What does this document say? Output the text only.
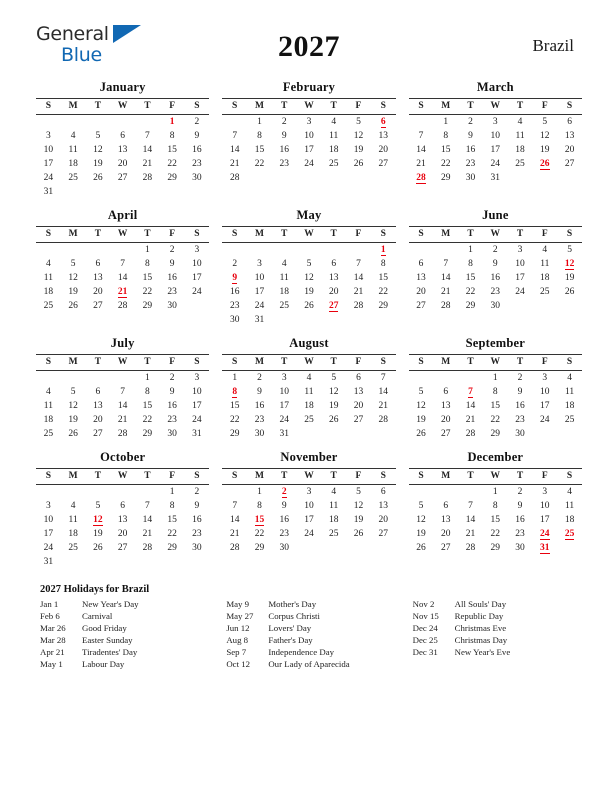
General
Blue	2027	Brazil
January
S	M	T	W	T	F	S
					1	2
3	4	5	6	7	8	9
10	11	12	13	14	15	16
17	18	19	20	21	22	23
24	25	26	27	28	29	30
31						
February
S	M	T	W	T	F	S
	1	2	3	4	5	6
7	8	9	10	11	12	13
14	15	16	17	18	19	20
21	22	23	24	25	26	27
28						
March
S	M	T	W	T	F	S
	1	2	3	4	5	6
7	8	9	10	11	12	13
14	15	16	17	18	19	20
21	22	23	24	25	26	27
28	29	30	31			
April
S	M	T	W	T	F	S
				1	2	3
4	5	6	7	8	9	10
11	12	13	14	15	16	17
18	19	20	21	22	23	24
25	26	27	28	29	30	
May
S	M	T	W	T	F	S
						1
2	3	4	5	6	7	8
9	10	11	12	13	14	15
16	17	18	19	20	21	22
23	24	25	26	27	28	29
30	31					
June
S	M	T	W	T	F	S
		1	2	3	4	5
6	7	8	9	10	11	12
13	14	15	16	17	18	19
20	21	22	23	24	25	26
27	28	29	30			
July
S	M	T	W	T	F	S
				1	2	3
4	5	6	7	8	9	10
11	12	13	14	15	16	17
18	19	20	21	22	23	24
25	26	27	28	29	30	31
August
S	M	T	W	T	F	S
1	2	3	4	5	6	7
8	9	10	11	12	13	14
15	16	17	18	19	20	21
22	23	24	25	26	27	28
29	30	31				
September
S	M	T	W	T	F	S
			1	2	3	4
5	6	7	8	9	10	11
12	13	14	15	16	17	18
19	20	21	22	23	24	25
26	27	28	29	30		
October
S	M	T	W	T	F	S
					1	2
3	4	5	6	7	8	9
10	11	12	13	14	15	16
17	18	19	20	21	22	23
24	25	26	27	28	29	30
31						
November
S	M	T	W	T	F	S
	1	2	3	4	5	6
7	8	9	10	11	12	13
14	15	16	17	18	19	20
21	22	23	24	25	26	27
28	29	30				
December
S	M	T	W	T	F	S
			1	2	3	4
5	6	7	8	9	10	11
12	13	14	15	16	17	18
19	20	21	22	23	24	25
26	27	28	29	30	31	
2027 Holidays for Brazil
Jan 1	New Year's Day
Feb 6	Carnival
Mar 26	Good Friday
Mar 28	Easter Sunday
Apr 21	Tiradentes' Day
May 1	Labour Day
May 9	Mother's Day
May 27	Corpus Christi
Jun 12	Lovers' Day
Aug 8	Father's Day
Sep 7	Independence Day
Oct 12	Our Lady of Aparecida
Nov 2	All Souls' Day
Nov 15	Republic Day
Dec 24	Christmas Eve
Dec 25	Christmas Day
Dec 31	New Year's Eve
